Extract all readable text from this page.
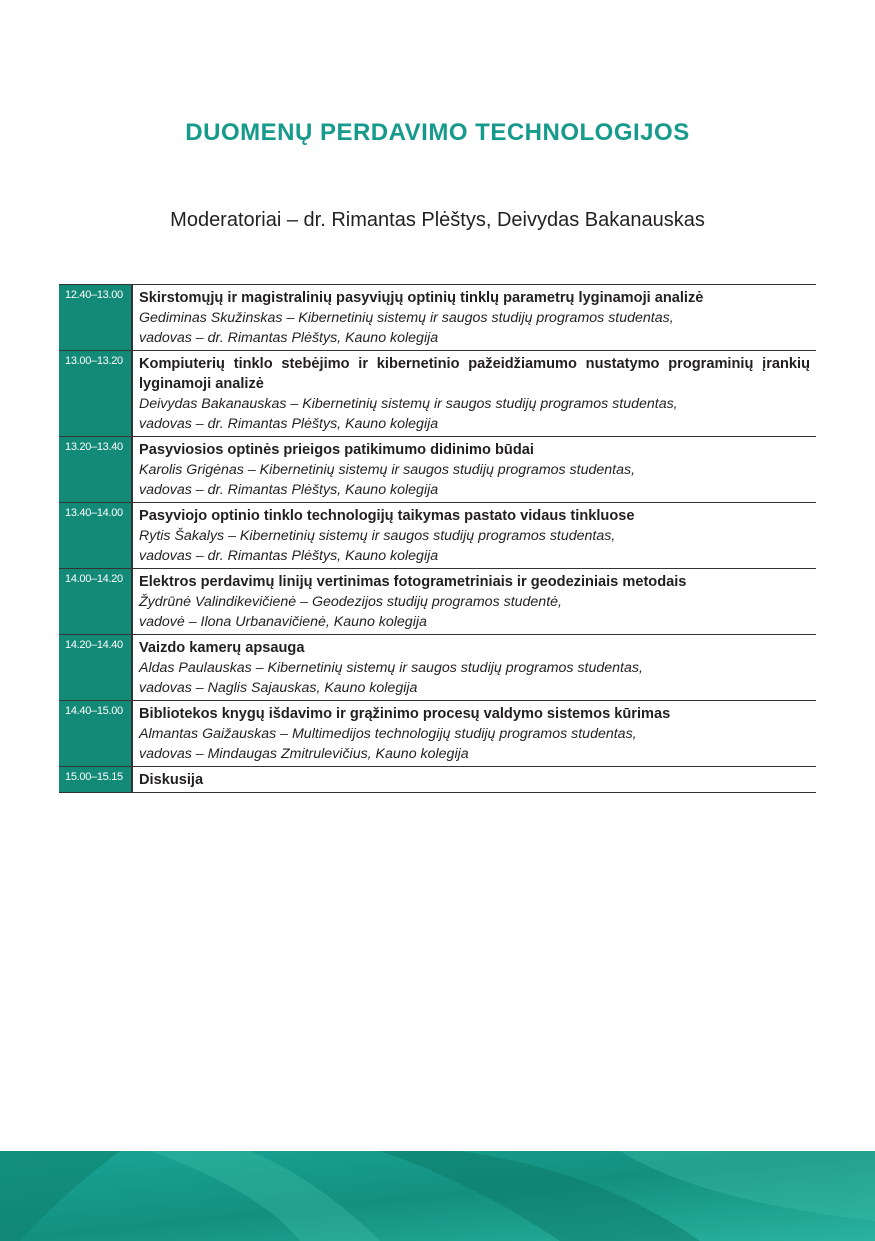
DUOMENŲ PERDAVIMO TECHNOLOGIJOS
Moderatoriai – dr. Rimantas Plėštys, Deivydas Bakanauskas
12.40–13.00	Skirstomųjų ir magistralinių pasyviųjų optinių tinklų parametrų lyginamoji analizė
Gediminas Skužinskas – Kibernetinių sistemų ir saugos studijų programos studentas,
vadovas – dr. Rimantas Plėštys, Kauno kolegija
13.00–13.20	Kompiuterių tinklo stebėjimo ir kibernetinio pažeidžiamumo nustatymo programinių įrankių lyginamoji analizė
Deivydas Bakanauskas – Kibernetinių sistemų ir saugos studijų programos studentas,
vadovas – dr. Rimantas Plėštys, Kauno kolegija
13.20–13.40	Pasyviosios optinės prieigos patikimumo didinimo būdai
Karolis Grigėnas – Kibernetinių sistemų ir saugos studijų programos studentas,
vadovas – dr. Rimantas Plėštys, Kauno kolegija
13.40–14.00	Pasyviojo optinio tinklo technologijų taikymas pastato vidaus tinkluose
Rytis Šakalys – Kibernetinių sistemų ir saugos studijų programos studentas,
vadovas – dr. Rimantas Plėštys, Kauno kolegija
14.00–14.20	Elektros perdavimų linijų vertinimas fotogrametriniais ir geodeziniais metodais
Žydrūnė Valindikevičienė – Geodezijos studijų programos studentė,
vadovė – Ilona Urbanavičienė, Kauno kolegija
14.20–14.40	Vaizdo kamerų apsauga
Aldas Paulauskas – Kibernetinių sistemų ir saugos studijų programos studentas,
vadovas – Naglis Sajauskas, Kauno kolegija
14.40–15.00	Bibliotekos knygų išdavimo ir grąžinimo procesų valdymo sistemos kūrimas
Almantas Gaižauskas – Multimedijos technologijų studijų programos studentas,
vadovas – Mindaugas Zmitrulevičius, Kauno kolegija
15.00–15.15	Diskusija
